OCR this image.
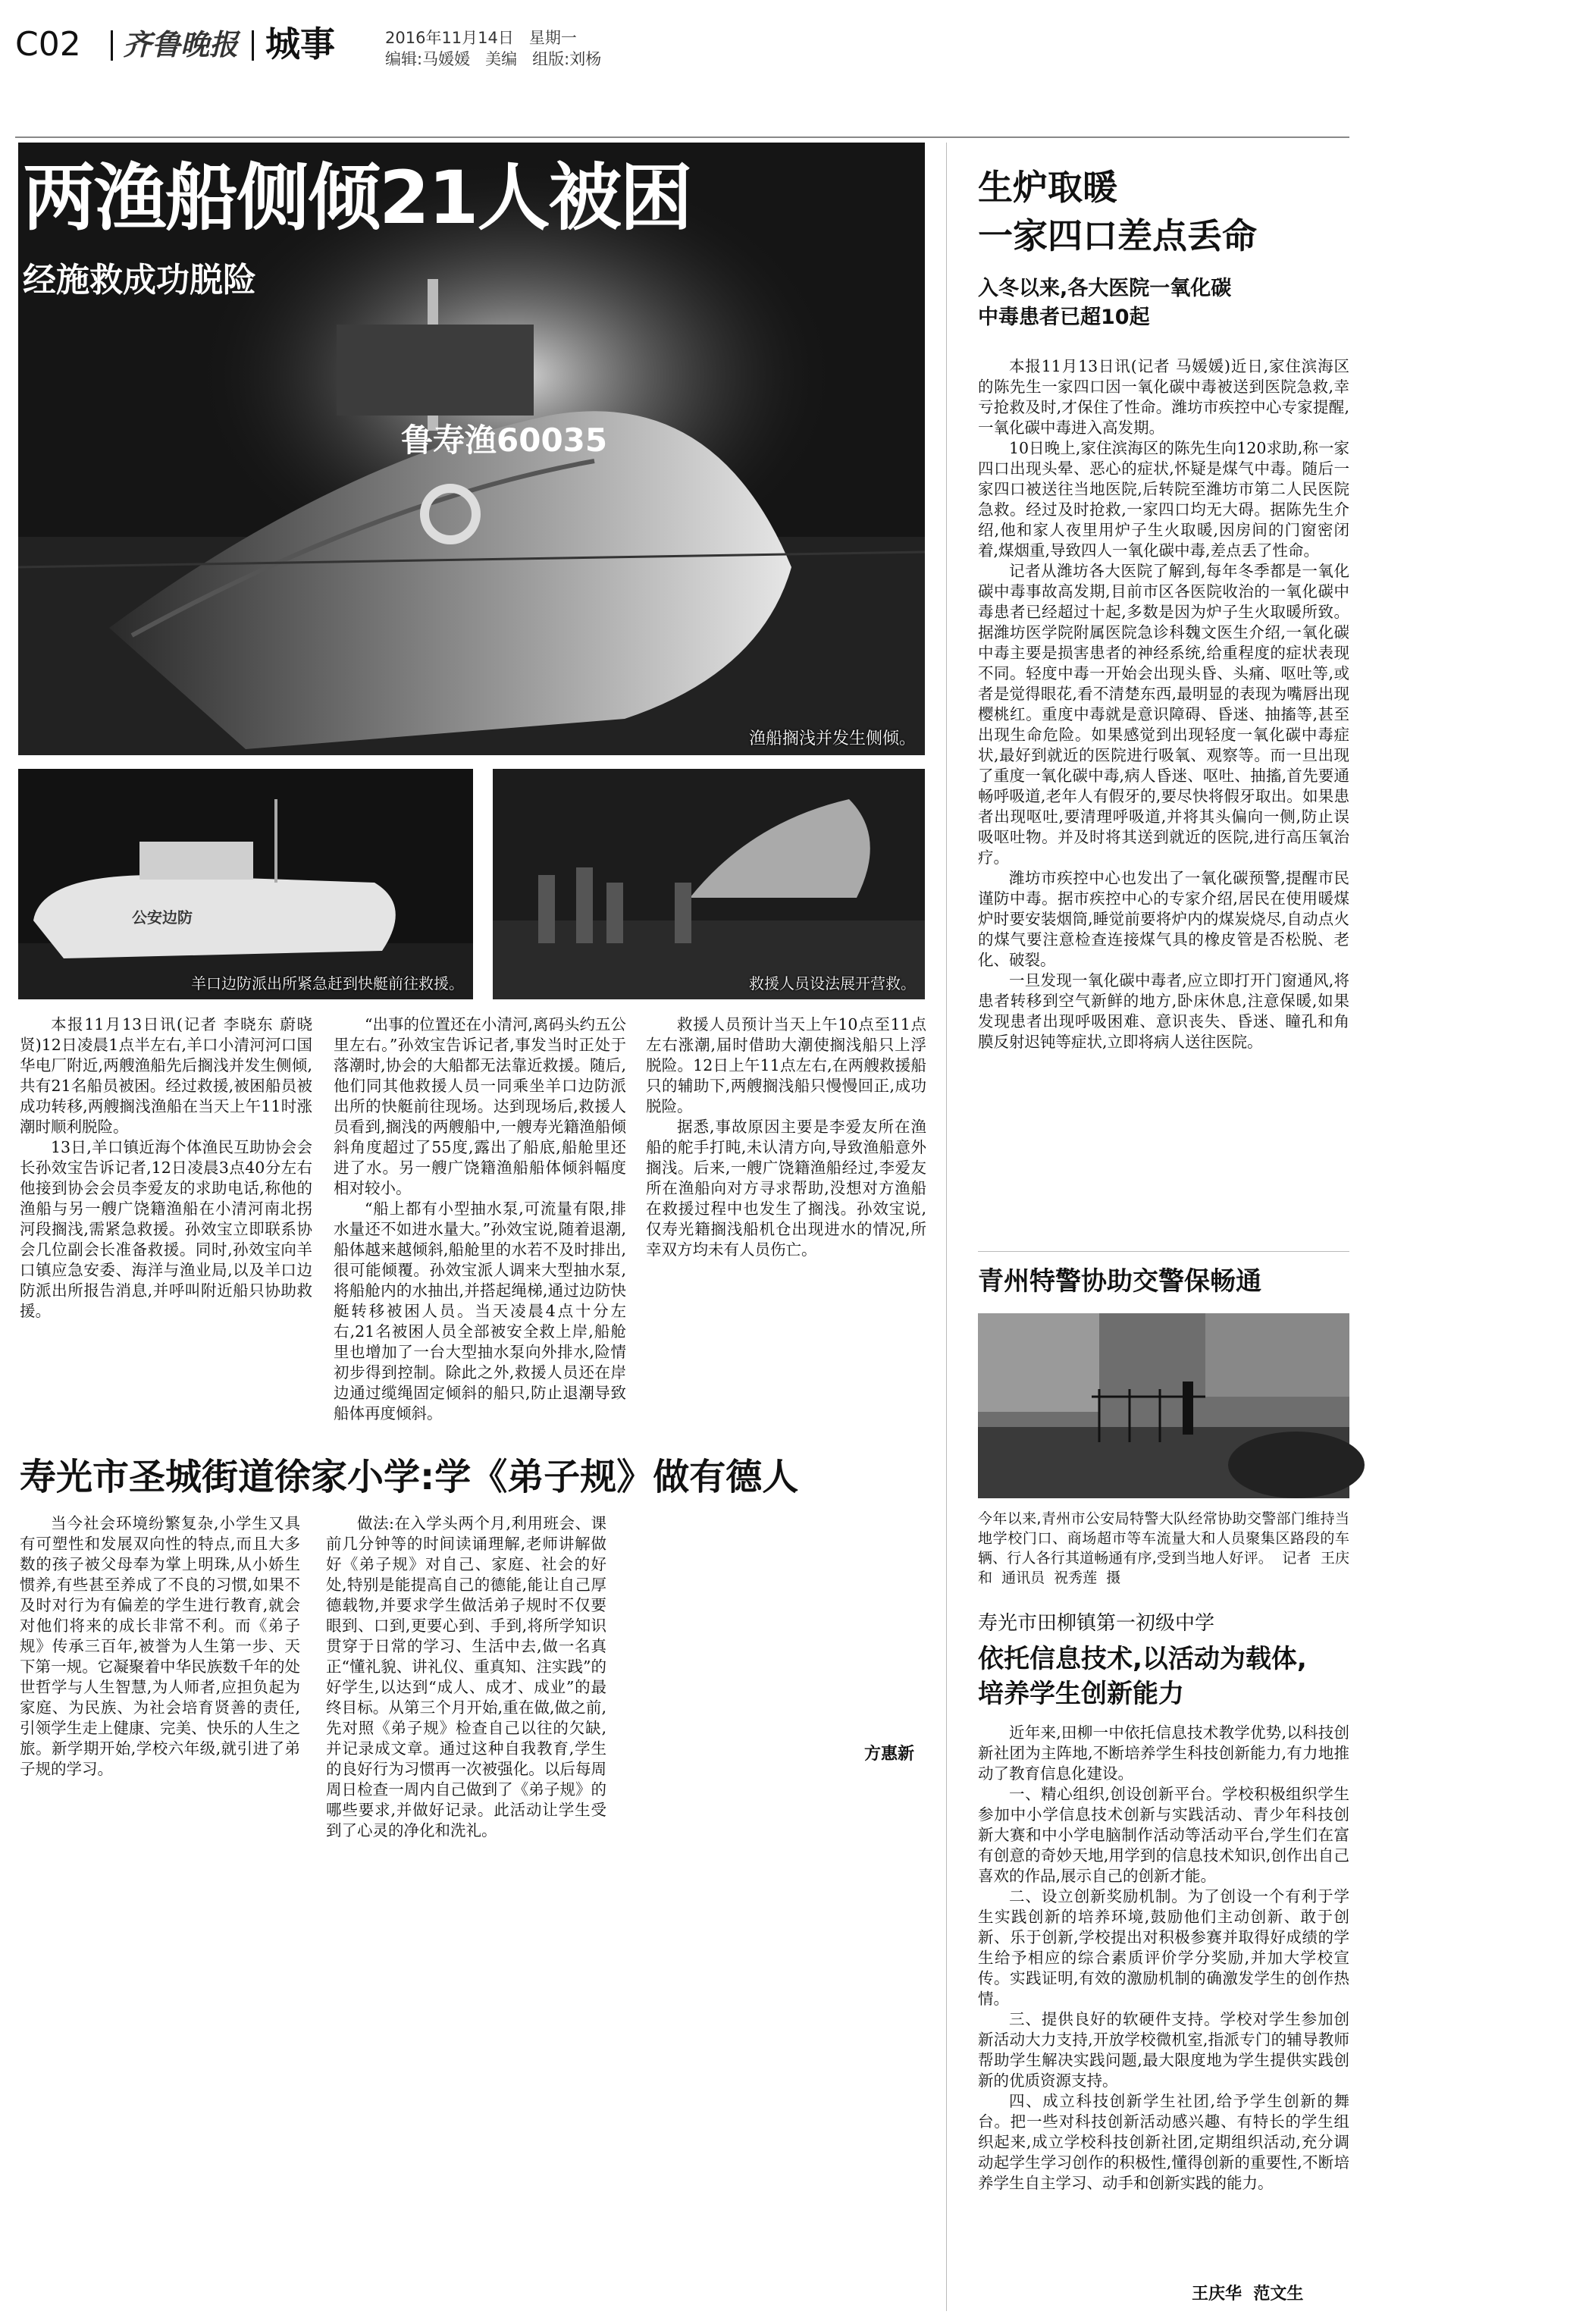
C02 齐鲁晚报 城事	2016年11月14日   星期一
编辑:马媛媛   美编   组版:刘杨
鲁寿渔60035
两渔船侧倾21人被困
经施救成功脱险
渔船搁浅并发生侧倾。
公安边防
羊口边防派出所紧急赶到快艇前往救援。	救援人员设法展开营救。

本报11月13日讯(记者 李晓东 蔚晓贤)12日凌晨1点半左右,羊口小清河河口国华电厂附近,两艘渔船先后搁浅并发生侧倾,共有21名船员被困。经过救援,被困船员被成功转移,两艘搁浅渔船在当天上午11时涨潮时顺利脱险。

13日,羊口镇近海个体渔民互助协会会长孙效宝告诉记者,12日凌晨3点40分左右他接到协会会员李爱友的求助电话,称他的渔船与另一艘广饶籍渔船在小清河南北拐河段搁浅,需紧急救援。孙效宝立即联系协会几位副会长准备救援。同时,孙效宝向羊口镇应急安委、海洋与渔业局,以及羊口边防派出所报告消息,并呼叫附近船只协助救援。

“出事的位置还在小清河,离码头约五公里左右。”孙效宝告诉记者,事发当时正处于落潮时,协会的大船都无法靠近救援。随后,他们同其他救援人员一同乘坐羊口边防派出所的快艇前往现场。达到现场后,救援人员看到,搁浅的两艘船中,一艘寿光籍渔船倾斜角度超过了55度,露出了船底,船舱里还进了水。另一艘广饶籍渔船船体倾斜幅度相对较小。

“船上都有小型抽水泵,可流量有限,排水量还不如进水量大。”孙效宝说,随着退潮,船体越来越倾斜,船舱里的水若不及时排出,很可能倾覆。孙效宝派人调来大型抽水泵,将船舱内的水抽出,并搭起绳梯,通过边防快艇转移被困人员。当天凌晨4点十分左右,21名被困人员全部被安全救上岸,船舱里也增加了一台大型抽水泵向外排水,险情初步得到控制。除此之外,救援人员还在岸边通过缆绳固定倾斜的船只,防止退潮导致船体再度倾斜。

救援人员预计当天上午10点至11点左右涨潮,届时借助大潮使搁浅船只上浮脱险。12日上午11点左右,在两艘救援船只的辅助下,两艘搁浅船只慢慢回正,成功脱险。

据悉,事故原因主要是李爱友所在渔船的舵手打盹,未认清方向,导致渔船意外搁浅。后来,一艘广饶籍渔船经过,李爱友所在渔船向对方寻求帮助,没想对方渔船在救援过程中也发生了搁浅。孙效宝说,仅寿光籍搁浅船机仓出现进水的情况,所幸双方均未有人员伤亡。

寿光市圣城街道徐家小学:学《弟子规》做有德人

当今社会环境纷繁复杂,小学生又具有可塑性和发展双向性的特点,而且大多数的孩子被父母奉为掌上明珠,从小娇生惯养,有些甚至养成了不良的习惯,如果不及时对行为有偏差的学生进行教育,就会对他们将来的成长非常不利。而《弟子规》传承三百年,被誉为人生第一步、天下第一规。它凝聚着中华民族数千年的处世哲学与人生智慧,为人师者,应担负起为家庭、为民族、为社会培育贤善的责任,引领学生走上健康、完美、快乐的人生之旅。新学期开始,学校六年级,就引进了弟子规的学习。

做法:在入学头两个月,利用班会、课前几分钟等的时间读诵理解,老师讲解做好《弟子规》对自己、家庭、社会的好处,特别是能提高自己的德能,能让自己厚德载物,并要求学生做活弟子规时不仅要眼到、口到,更要心到、手到,将所学知识贯穿于日常的学习、生活中去,做一名真正“懂礼貌、讲礼仪、重真知、注实践”的好学生,以达到“成人、成才、成业”的最终目标。从第三个月开始,重在做,做之前,先对照《弟子规》检查自己以往的欠缺,并记录成文章。通过这种自我教育,学生的良好行为习惯再一次被强化。以后每周周日检查一周内自己做到了《弟子规》的哪些要求,并做好记录。此活动让学生受到了心灵的净化和洗礼。

方惠新
生炉取暖
一家四口差点丢命
入冬以来,各大医院一氧化碳
中毒患者已超10起

本报11月13日讯(记者 马媛媛)近日,家住滨海区的陈先生一家四口因一氧化碳中毒被送到医院急救,幸亏抢救及时,才保住了性命。潍坊市疾控中心专家提醒,一氧化碳中毒进入高发期。

10日晚上,家住滨海区的陈先生向120求助,称一家四口出现头晕、恶心的症状,怀疑是煤气中毒。随后一家四口被送往当地医院,后转院至潍坊市第二人民医院急救。经过及时抢救,一家四口均无大碍。据陈先生介绍,他和家人夜里用炉子生火取暖,因房间的门窗密闭着,煤烟重,导致四人一氧化碳中毒,差点丢了性命。

记者从潍坊各大医院了解到,每年冬季都是一氧化碳中毒事故高发期,目前市区各医院收治的一氧化碳中毒患者已经超过十起,多数是因为炉子生火取暖所致。据潍坊医学院附属医院急诊科魏文医生介绍,一氧化碳中毒主要是损害患者的神经系统,给重程度的症状表现不同。轻度中毒一开始会出现头昏、头痛、呕吐等,或者是觉得眼花,看不清楚东西,最明显的表现为嘴唇出现樱桃红。重度中毒就是意识障碍、昏迷、抽搐等,甚至出现生命危险。如果感觉到出现轻度一氧化碳中毒症状,最好到就近的医院进行吸氧、观察等。而一旦出现了重度一氧化碳中毒,病人昏迷、呕吐、抽搐,首先要通畅呼吸道,老年人有假牙的,要尽快将假牙取出。如果患者出现呕吐,要清理呼吸道,并将其头偏向一侧,防止误吸呕吐物。并及时将其送到就近的医院,进行高压氧治疗。

潍坊市疾控中心也发出了一氧化碳预警,提醒市民谨防中毒。据市疾控中心的专家介绍,居民在使用暖煤炉时要安装烟筒,睡觉前要将炉内的煤炭烧尽,自动点火的煤气要注意检查连接煤气具的橡皮管是否松脱、老化、破裂。

一旦发现一氧化碳中毒者,应立即打开门窗通风,将患者转移到空气新鲜的地方,卧床休息,注意保暖,如果发现患者出现呼吸困难、意识丧失、昏迷、瞳孔和角膜反射迟钝等症状,立即将病人送往医院。

青州特警协助交警保畅通
今年以来,青州市公安局特警大队经常协助交警部门维持当地学校门口、商场超市等车流量大和人员聚集区路段的车辆、行人各行其道畅通有序,受到当地人好评。  记者  王庆和  通讯员  祝秀莲  摄
寿光市田柳镇第一初级中学
依托信息技术,以活动为载体,
培养学生创新能力

近年来,田柳一中依托信息技术教学优势,以科技创新社团为主阵地,不断培养学生科技创新能力,有力地推动了教育信息化建设。

一、精心组织,创设创新平台。学校积极组织学生参加中小学信息技术创新与实践活动、青少年科技创新大赛和中小学电脑制作活动等活动平台,学生们在富有创意的奇妙天地,用学到的信息技术知识,创作出自己喜欢的作品,展示自己的创新才能。

二、设立创新奖励机制。为了创设一个有利于学生实践创新的培养环境,鼓励他们主动创新、敢于创新、乐于创新,学校提出对积极参赛并取得好成绩的学生给予相应的综合素质评价学分奖励,并加大学校宣传。实践证明,有效的激励机制的确激发学生的创作热情。

三、提供良好的软硬件支持。学校对学生参加创新活动大力支持,开放学校微机室,指派专门的辅导教师帮助学生解决实践问题,最大限度地为学生提供实践创新的优质资源支持。

四、成立科技创新学生社团,给予学生创新的舞台。把一些对科技创新活动感兴趣、有特长的学生组织起来,成立学校科技创新社团,定期组织活动,充分调动起学生学习创作的积极性,懂得创新的重要性,不断培养学生自主学习、动手和创新实践的能力。

王庆华  范文生
